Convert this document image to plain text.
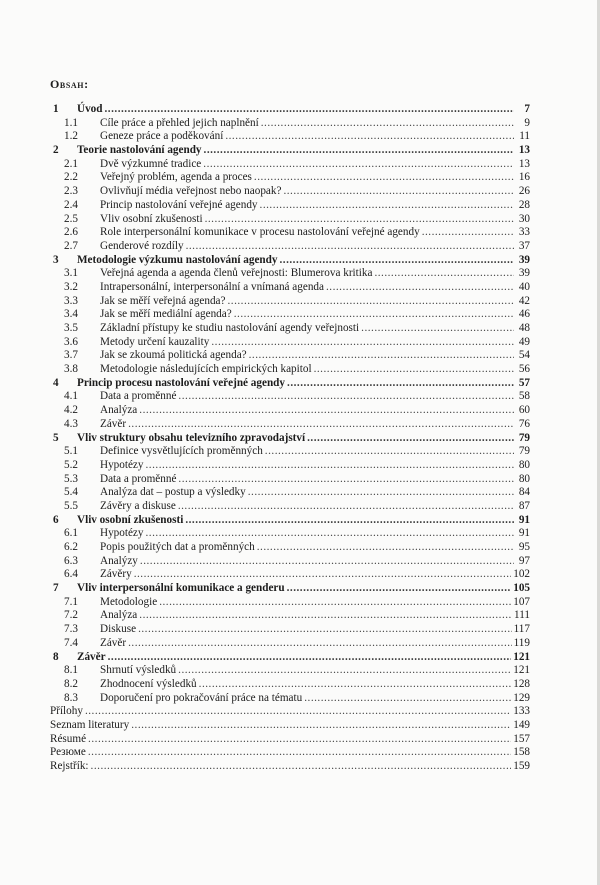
Obsah:
1	Úvod .....	7
1.1 Cíle práce a přehled jejich naplnění .....	9
1.2 Geneze práce a poděkování .....	11
2	Teorie nastolování agendy .....	13
2.1 Dvě výzkumné tradice .....	13
2.2 Veřejný problém, agenda a proces .....	16
2.3 Ovlivňují média veřejnost nebo naopak? .....	26
2.4 Princip nastolování veřejné agendy .....	28
2.5 Vliv osobní zkušenosti .....	30
2.6 Role interpersonální komunikace v procesu nastolování veřejné agendy .....	33
2.7 Genderové rozdíly .....	37
3	Metodologie výzkumu nastolování agendy .....	39
3.1 Veřejná agenda a agenda členů veřejnosti: Blumerova kritika .....	39
3.2 Intrapersonální, interpersonální a vnímaná agenda .....	40
3.3 Jak se měří veřejná agenda? .....	42
3.4 Jak se měří mediální agenda? .....	46
3.5 Základní přístupy ke studiu nastolování agendy veřejnosti .....	48
3.6 Metody určení kauzality .....	49
3.7 Jak se zkoumá politická agenda? .....	54
3.8 Metodologie následujících empirických kapitol .....	56
4	Princip procesu nastolování veřejné agendy .....	57
4.1 Data a proměnné .....	58
4.2 Analýza .....	60
4.3 Závěr .....	76
5	Vliv struktury obsahu televizního zpravodajství .....	79
5.1 Definice vysvětlujících proměnných .....	79
5.2 Hypotézy .....	80
5.3 Data a proměnné .....	80
5.4 Analýza dat – postup a výsledky .....	84
5.5 Závěry a diskuse .....	87
6	Vliv osobní zkušenosti .....	91
6.1 Hypotézy .....	91
6.2 Popis použitých dat a proměnných .....	95
6.3 Analýzy .....	97
6.4 Závěry .....	102
7	Vliv interpersonální komunikace a genderu .....	105
7.1 Metodologie .....	107
7.2 Analýza .....	111
7.3 Diskuse .....	117
7.4 Závěr .....	119
8	Závěr .....	121
8.1 Shrnutí výsledků .....	121
8.2 Zhodnocení výsledků .....	128
8.3 Doporučení pro pokračování práce na tématu .....	129
Přílohy .....	133
Seznam literatury .....	149
Résumé .....	157
Резюме .....	158
Rejstřík: .....	159
